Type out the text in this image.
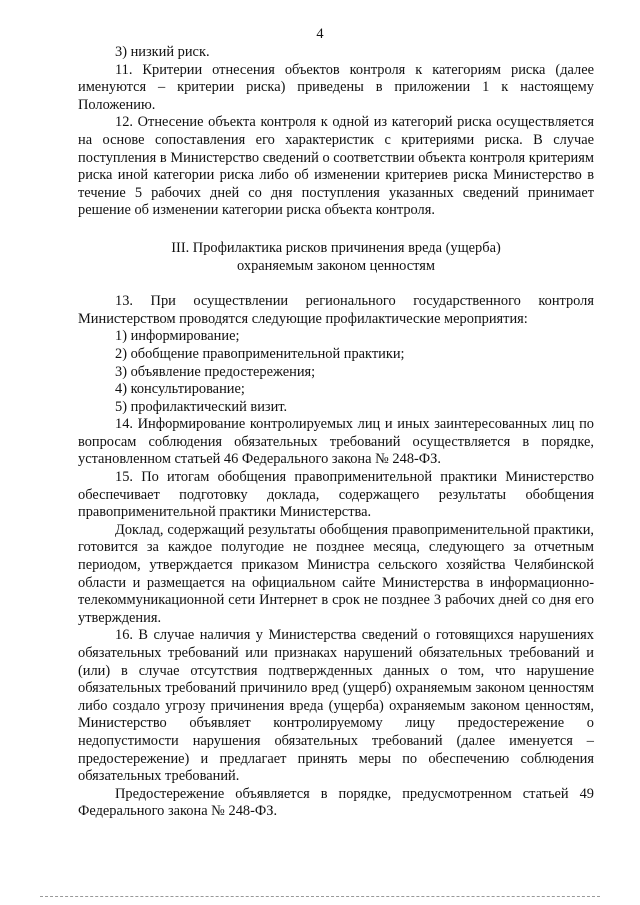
4

3) низкий риск.

11. Критерии отнесения объектов контроля к категориям риска (далее именуются – критерии риска) приведены в приложении 1 к настоящему Положению.

12. Отнесение объекта контроля к одной из категорий риска осуществляется на основе сопоставления его характеристик с критериями риска. В случае поступления в Министерство сведений о соответствии объекта контроля критериям риска иной категории риска либо об изменении критериев риска Министерство в течение 5 рабочих дней со дня поступления указанных сведений принимает решение об изменении категории риска объекта контроля.

III. Профилактика рисков причинения вреда (ущерба)
охраняемым законом ценностям

13. При осуществлении регионального государственного контроля Министерством проводятся следующие профилактические мероприятия:

1) информирование;

2) обобщение правоприменительной практики;

3) объявление предостережения;

4) консультирование;

5) профилактический визит.

14. Информирование контролируемых лиц и иных заинтересованных лиц по вопросам соблюдения обязательных требований осуществляется в порядке, установленном статьей 46 Федерального закона № 248-ФЗ.

15. По итогам обобщения правоприменительной практики Министерство обеспечивает подготовку доклада, содержащего результаты обобщения правоприменительной практики Министерства.

Доклад, содержащий результаты обобщения правоприменительной практики, готовится за каждое полугодие не позднее месяца, следующего за отчетным периодом, утверждается приказом Министра сельского хозяйства Челябинской области и размещается на официальном сайте Министерства в информационно-телекоммуникационной сети Интернет в срок не позднее 3 рабочих дней со дня его утверждения.

16. В случае наличия у Министерства сведений о готовящихся нарушениях обязательных требований или признаках нарушений обязательных требований и (или) в случае отсутствия подтвержденных данных о том, что нарушение обязательных требований причинило вред (ущерб) охраняемым законом ценностям либо создало угрозу причинения вреда (ущерба) охраняемым законом ценностям, Министерство объявляет контролируемому лицу предостережение о недопустимости нарушения обязательных требований (далее именуется – предостережение) и предлагает принять меры по обеспечению соблюдения обязательных требований.

Предостережение объявляется в порядке, предусмотренном статьей 49 Федерального закона № 248-ФЗ.
